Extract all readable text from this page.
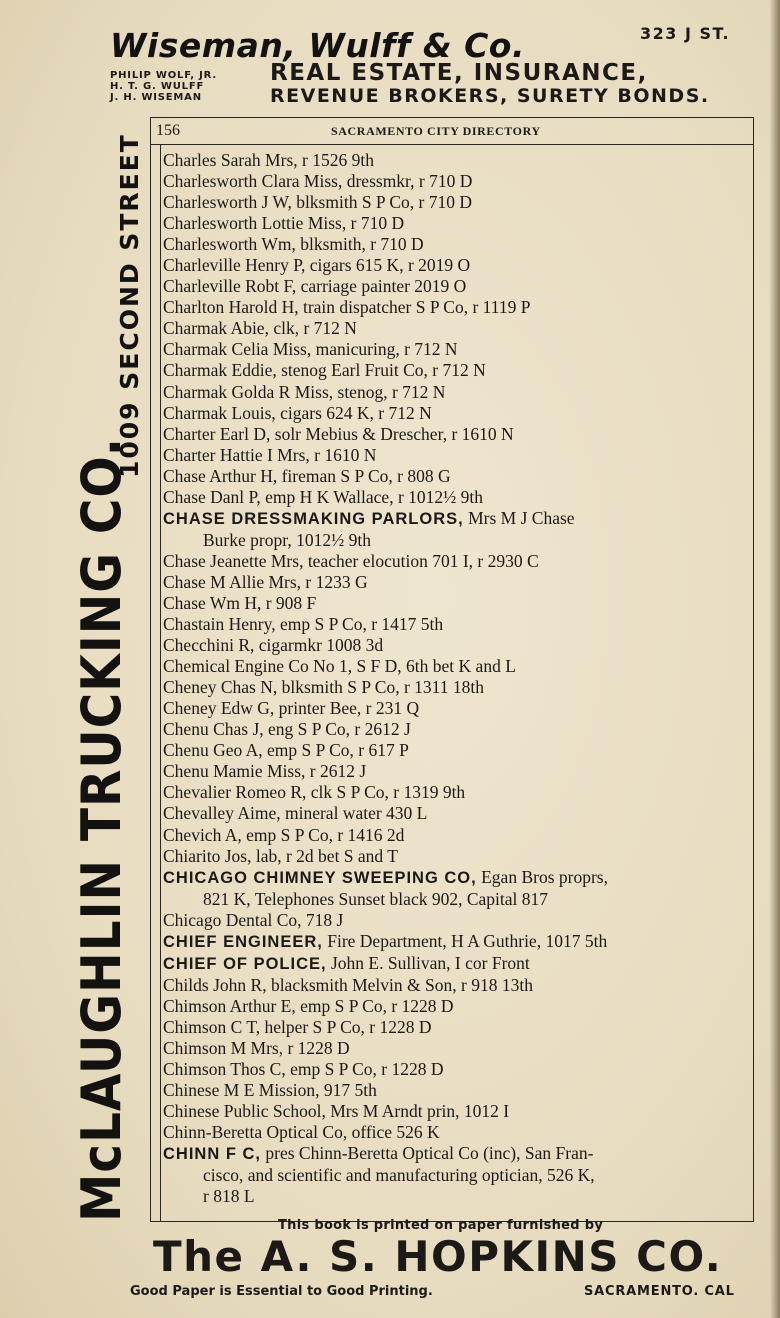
Wiseman, Wulff & Co.	323 J ST.
PHILIP WOLF, JR.
H. T. G. WULFF
J. H. WISEMAN
REAL ESTATE, INSURANCE,
REVENUE BROKERS, SURETY BONDS.
McLAUGHLIN TRUCKING CO.
1009 SECOND STREET
156	SACRAMENTO CITY DIRECTORY
Charles Sarah Mrs, r 1526 9th
Charlesworth Clara Miss, dressmkr, r 710 D
Charlesworth J W, blksmith S P Co, r 710 D
Charlesworth Lottie Miss, r 710 D
Charlesworth Wm, blksmith, r 710 D
Charleville Henry P, cigars 615 K, r 2019 O
Charleville Robt F, carriage painter 2019 O
Charlton Harold H, train dispatcher S P Co, r 1119 P
Charmak Abie, clk, r 712 N
Charmak Celia Miss, manicuring, r 712 N
Charmak Eddie, stenog Earl Fruit Co, r 712 N
Charmak Golda R Miss, stenog, r 712 N
Charmak Louis, cigars 624 K, r 712 N
Charter Earl D, solr Mebius & Drescher, r 1610 N
Charter Hattie I Mrs, r 1610 N
Chase Arthur H, fireman S P Co, r 808 G
Chase Danl P, emp H K Wallace, r 1012½ 9th
CHASE DRESSMAKING PARLORS, Mrs M J Chase
Burke propr, 1012½ 9th
Chase Jeanette Mrs, teacher elocution 701 I, r 2930 C
Chase M Allie Mrs, r 1233 G
Chase Wm H, r 908 F
Chastain Henry, emp S P Co, r 1417 5th
Checchini R, cigarmkr 1008 3d
Chemical Engine Co No 1, S F D, 6th bet K and L
Cheney Chas N, blksmith S P Co, r 1311 18th
Cheney Edw G, printer Bee, r 231 Q
Chenu Chas J, eng S P Co, r 2612 J
Chenu Geo A, emp S P Co, r 617 P
Chenu Mamie Miss, r 2612 J
Chevalier Romeo R, clk S P Co, r 1319 9th
Chevalley Aime, mineral water 430 L
Chevich A, emp S P Co, r 1416 2d
Chiarito Jos, lab, r 2d bet S and T
CHICAGO CHIMNEY SWEEPING CO, Egan Bros proprs,
821 K, Telephones Sunset black 902, Capital 817
Chicago Dental Co, 718 J
CHIEF ENGINEER, Fire Department, H A Guthrie, 1017 5th
CHIEF OF POLICE, John E. Sullivan, I cor Front
Childs John R, blacksmith Melvin & Son, r 918 13th
Chimson Arthur E, emp S P Co, r 1228 D
Chimson C T, helper S P Co, r 1228 D
Chimson M Mrs, r 1228 D
Chimson Thos C, emp S P Co, r 1228 D
Chinese M E Mission, 917 5th
Chinese Public School, Mrs M Arndt prin, 1012 I
Chinn-Beretta Optical Co, office 526 K
CHINN F C, pres Chinn-Beretta Optical Co (inc), San Fran-
cisco, and scientific and manufacturing optician, 526 K,
r 818 L
This book is printed on paper furnished by
The A. S. HOPKINS CO.
Good Paper is Essential to Good Printing.	SACRAMENTO. CAL
